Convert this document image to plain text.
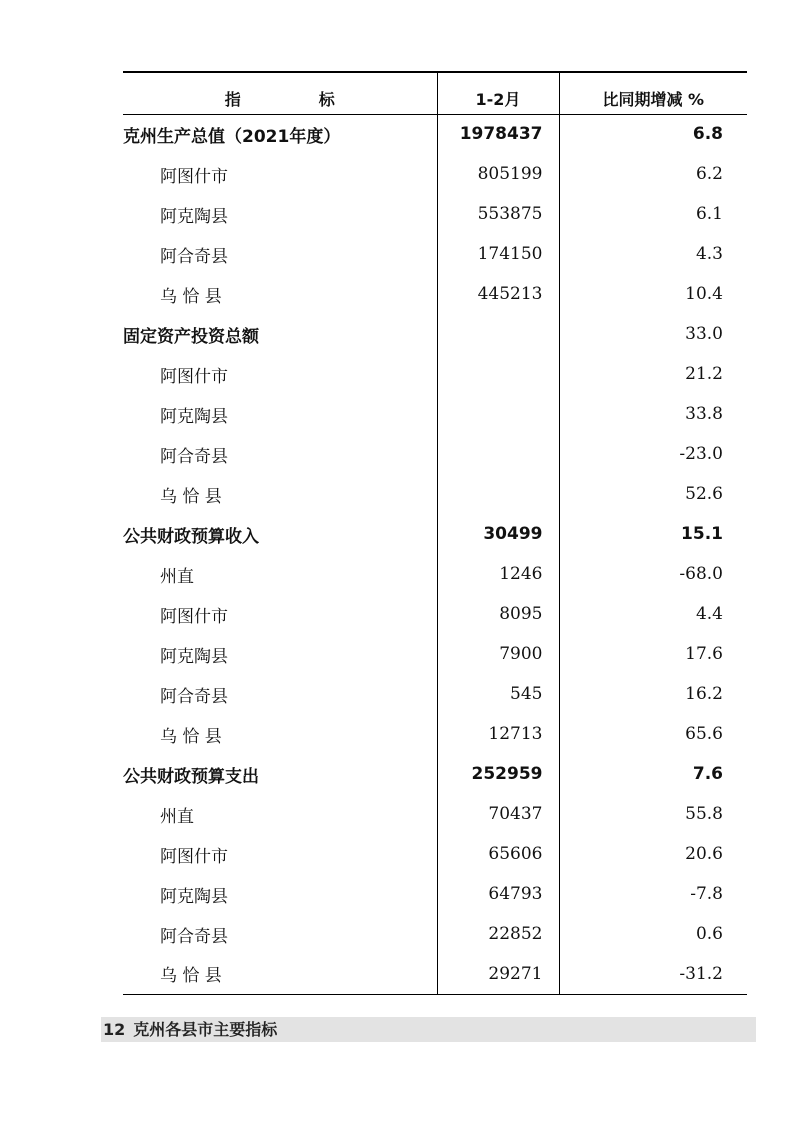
指 标	1-2月	比同期增减 %
克州生产总值（2021年度）	1978437	6.8
阿图什市	805199	6.2
阿克陶县	553875	6.1
阿合奇县	174150	4.3
乌 恰 县	445213	10.4
固定资产投资总额		33.0
阿图什市		21.2
阿克陶县		33.8
阿合奇县		-23.0
乌 恰 县		52.6
公共财政预算收入	30499	15.1
州直	1246	-68.0
阿图什市	8095	4.4
阿克陶县	7900	17.6
阿合奇县	545	16.2
乌 恰 县	12713	65.6
公共财政预算支出	252959	7.6
州直	70437	55.8
阿图什市	65606	20.6
阿克陶县	64793	-7.8
阿合奇县	22852	0.6
乌 恰 县	29271	-31.2
12 克州各县市主要指标
